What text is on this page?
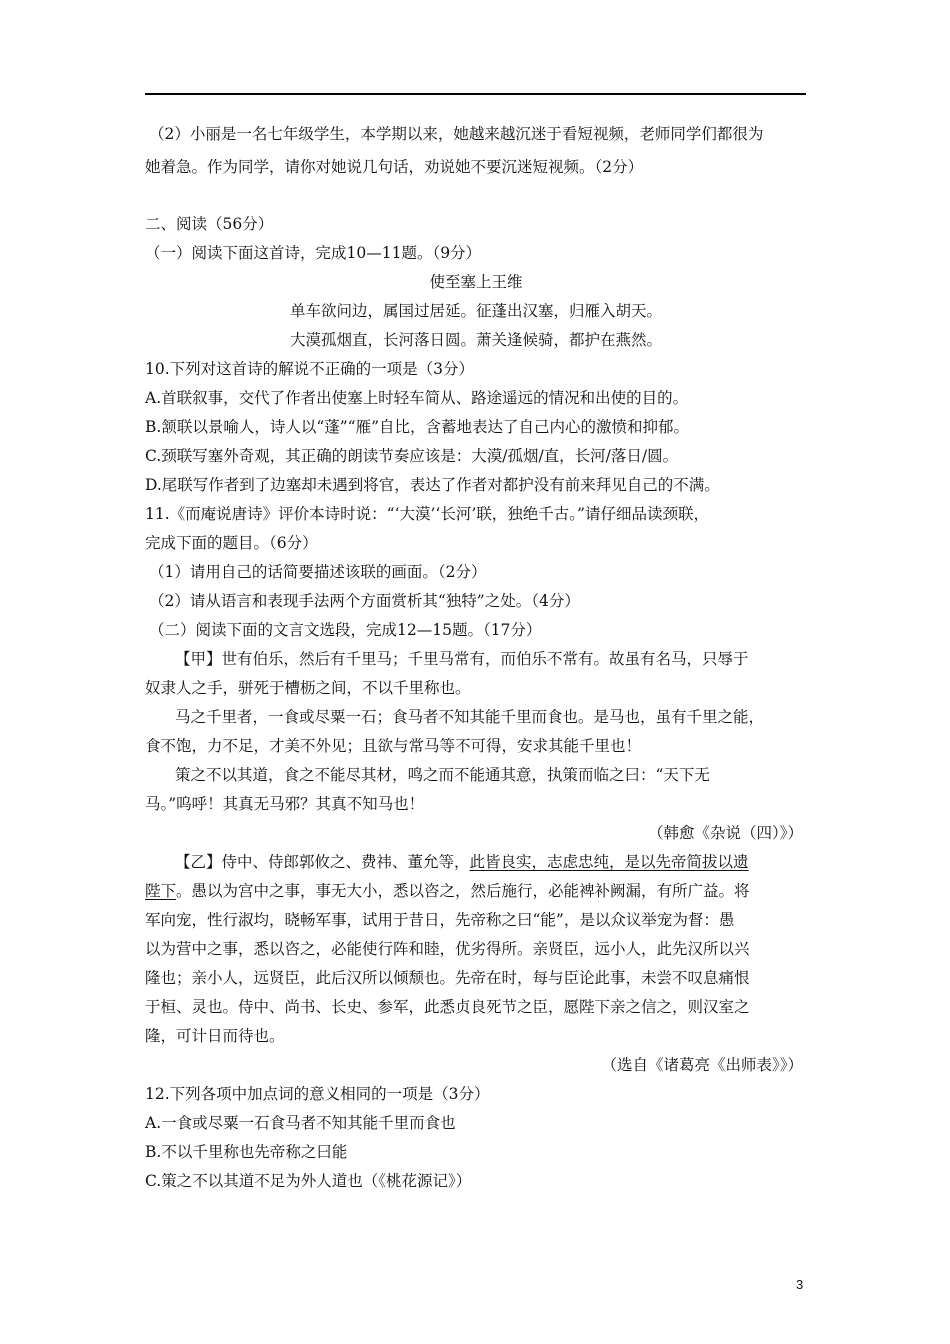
（2）小丽是一名七年级学生，本学期以来，她越来越沉迷于看短视频，老师同学们都很为
她着急。作为同学，请你对她说几句话，劝说她不要沉迷短视频。（2分）
二、阅读（56分）
（一）阅读下面这首诗，完成10—11题。（9分）
使至塞上王维
单车欲问边，属国过居延。征蓬出汉塞，归雁入胡天。
大漠孤烟直，长河落日圆。萧关逢候骑，都护在燕然。
10.下列对这首诗的解说不正确的一项是（3分）
A.首联叙事，交代了作者出使塞上时轻车简从、路途遥远的情况和出使的目的。
B.颔联以景喻人，诗人以“蓬”“雁”自比，含蓄地表达了自己内心的激愤和抑郁。
C.颈联写塞外奇观，其正确的朗读节奏应该是：大漠/孤烟/直，长河/落日/圆。
D.尾联写作者到了边塞却未遇到将官，表达了作者对都护没有前来拜见自己的不满。
11.《而庵说唐诗》评价本诗时说：“‘大漠’‘长河’联，独绝千古。”请仔细品读颈联，
完成下面的题目。（6分）
（1）请用自己的话简要描述该联的画面。（2分）
（2）请从语言和表现手法两个方面赏析其“独特”之处。（4分）
（二）阅读下面的文言文选段，完成12—15题。（17分）
【甲】世有伯乐，然后有千里马；千里马常有，而伯乐不常有。故虽有名马，只辱于
奴隶人之手，骈死于槽枥之间，不以千里称也。
马之千里者，一食或尽粟一石；食马者不知其能千里而食也。是马也，虽有千里之能，
食不饱，力不足，才美不外见；且欲与常马等不可得，安求其能千里也！
策之不以其道，食之不能尽其材，鸣之而不能通其意，执策而临之曰：“天下无
马。”呜呼！其真无马邪？其真不知马也！
（韩愈《杂说（四）》）
【乙】侍中、侍郎郭攸之、费祎、董允等，此皆良实，志虑忠纯，是以先帝简拔以遗
陛下。愚以为宫中之事，事无大小，悉以咨之，然后施行，必能裨补阙漏，有所广益。将
军向宠，性行淑均，晓畅军事，试用于昔日，先帝称之曰“能”，是以众议举宠为督：愚
以为营中之事，悉以咨之，必能使行阵和睦，优劣得所。亲贤臣，远小人，此先汉所以兴
隆也；亲小人，远贤臣，此后汉所以倾颓也。先帝在时，每与臣论此事，未尝不叹息痛恨
于桓、灵也。侍中、尚书、长史、参军，此悉贞良死节之臣，愿陛下亲之信之，则汉室之
隆，可计日而待也。
（选自《诸葛亮《出师表》》）
12.下列各项中加点词的意义相同的一项是（3分）
A.一食或尽粟一石食马者不知其能千里而食也
B.不以千里称也先帝称之曰能
C.策之不以其道不足为外人道也（《桃花源记》）
3
